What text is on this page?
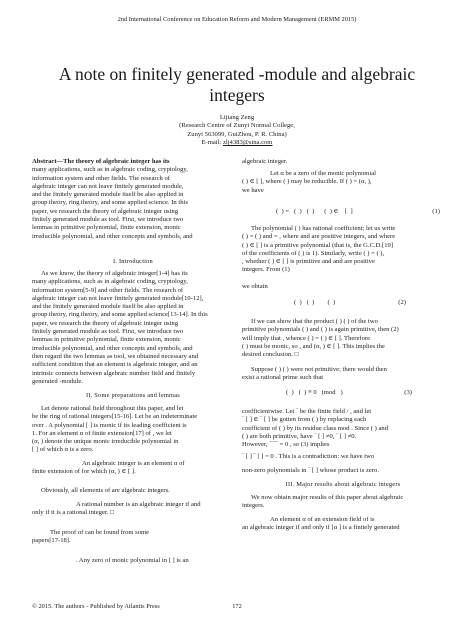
2nd International Conference on Education Reform and Modern Management (ERMM 2015)
A note on finitely generated -module and algebraic
integers
Lijiang Zeng
(Research Centre of Zunyi Normal College,
Zunyi 563099, GuiZhou, P. R. China)
E-mail: zlj4383@sina.com

Abstract—The theory of algebraic integer has its

many applications, such as in algebraic coding, cryptology,

information system and other fields. The research of

algebraic integer can not leave finitely generated module,

and the finitely generated module itself be also applied in

group theory, ring theory, and some applied science. In this

paper, we research the theory of algebraic integer using

finitely generated module as tool. First, we introduce two

lemmas in primitive polynomial, finite extension, monic

irreducible polynomial, and other concepts and symbols, and

I. Introduction

As we know, the theory of algebraic integer[1-4] has its

many applications, such as in algebraic coding, cryptology,

information system[5-9] and other fields. The research of

algebraic integer can not leave finitely generated module[10-12],

and the finitely generated module itself be also applied in

group theory, ring theory, and some applied science[13-14]. In this

paper, we research the theory of algebraic integer using

finitely generated module as tool. First, we introduce two

lemmas in primitive polynomial, finite extension, monic

irreducible polynomial, and other concepts and symbols, and

then regard the two lemmas as tool, we obtained necessary and

sufficient condition that an element is algebraic integer, and an

intrinsic connects between algebraic number field and finitely

generated -module.

II. Some preparations and lemmas

Let denote rational field throughout this paper, and let

be the ring of rational integers[15-16]. Let be an indeterminate

over . A polynomial [ ] is monic if its leading coefficient is

1. For an element α of finite extension[17] of , we let

(α, ) denote the unique monic irreducible polynomial in

[ ] of which α is a zero.

An algebraic integer is an element α of

finite extension of for which (α, ) ∈ [ ].

Obviously, all elements of are algebraic integers.

A rational number is an algebraic integer if and

only if it is a rational integer. □

The proof of can be found from some

papers[17-18].

. Any zero of monic polynomial in [ ] is an

algebraic integer.

Let α be a zero of the monic polynomial

( ) ∈ [ ], where ( ) may be reducible. If ( ) = (α, ),

we have

(  ) =   (  )   (  )      (  ) ∈    [  ]	(1)

The polynomial ( ) has rational coefficient; let us write

( ) = ( ) and = , where and are positive integers, and where

( ) ∈ [ ] is a primitive polynomial (that is, the G.C.D.[19]

of the coefficients of ( ) is 1). Similarly, write ( ) = ( ),

, whether ( ) ∈ [ ] is primitive and and are positive

integers. From (1)

we obtain

(  )   (  )        (  )	(2)

If we can show that the product ( ) ( ) of the two

primitive polynomials ( ) and ( ) is again primitive, then (2)

will imply that , whence ( ) = ( ) ∈ [ ]. Therefore

( ) must be monic, so , and (α, ) ∈ [ ]. This implies the

desired conclusion. □

Suppose ( ) ( ) were not primitive; there would then

exist a rational prime such that

(  )   (  ) ≡ 0   (mod   )	(3)

coefficientwise. Let ‾ be the finite field / , and let

‾ [ ] ∈ ‾ [ ] be gotten from ( ) by replacing each

coefficient of ( ) by its residue class mod . Since ( ) and

( ) are both primitive, have ‾ [ ] ≠0, ‾ [ ] ≠0.

However, ‾‾‾‾ = 0 , so (3) implies

‾ [ ] ‾ [ ] = 0 . This is a contradiction: we have two

non-zero polynomials in ‾ [ ] whose product is zero.

III. Major results about algebraic integers

We now obtain major results of this paper about algebraic

integers.

An element α of an extension field of is

an algebraic integer if and only if [α ] is a finitely generated

© 2015. The authors - Published by Atlantis Press	172
